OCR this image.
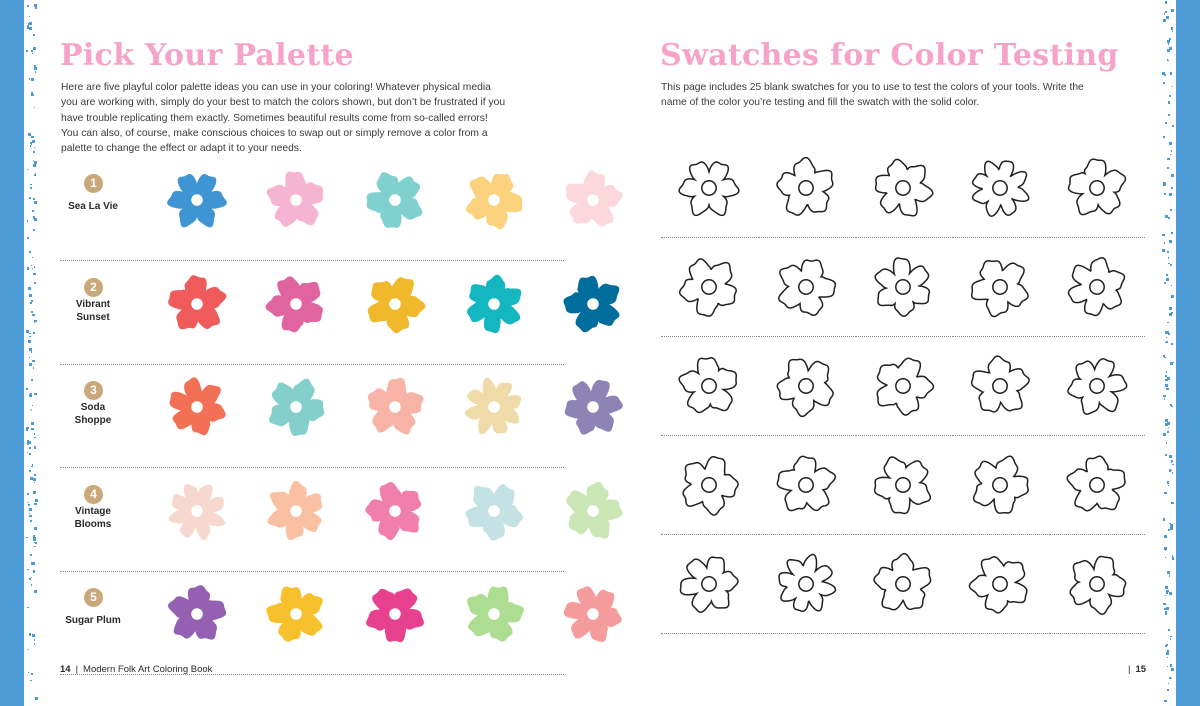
Pick Your Palette

Here are five playful color palette ideas you can use in your coloring! Whatever physical media you are working with, simply do your best to match the colors shown, but don’t be frustrated if you have trouble replicating them exactly. Sometimes beautiful results come from so-called errors! You can also, of course, make conscious choices to swap out or simply remove a color from a palette to change the effect or adapt it to your needs.

1
Sea La Vie
2
Vibrant
Sunset
3
Soda
Shoppe
4
Vintage
Blooms
5
Sugar Plum
14 | Modern Folk Art Coloring Book
Swatches for Color Testing

This page includes 25 blank swatches for you to use to test the colors of your tools. Write the name of the color you’re testing and fill the swatch with the solid color.

| 15
